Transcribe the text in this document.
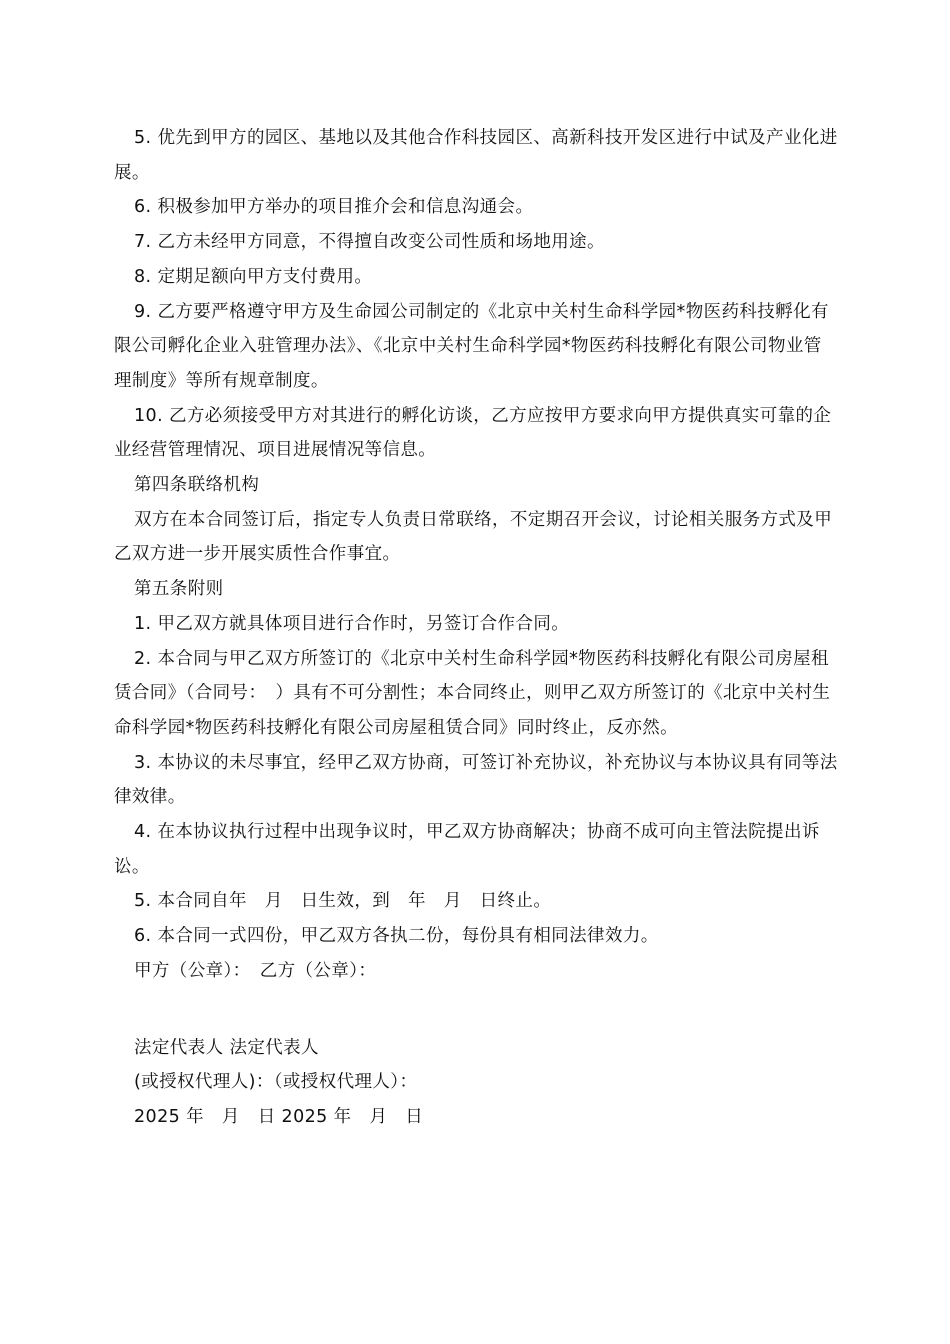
5. 优先到甲方的园区、基地以及其他合作科技园区、高新科技开发区进行中试及产业化进展。

6. 积极参加甲方举办的项目推介会和信息沟通会。

7. 乙方未经甲方同意，不得擅自改变公司性质和场地用途。

8. 定期足额向甲方支付费用。

9. 乙方要严格遵守甲方及生命园公司制定的《北京中关村生命科学园*物医药科技孵化有限公司孵化企业入驻管理办法》、《北京中关村生命科学园*物医药科技孵化有限公司物业管理制度》等所有规章制度。

10. 乙方必须接受甲方对其进行的孵化访谈，乙方应按甲方要求向甲方提供真实可靠的企业经营管理情况、项目进展情况等信息。

第四条联络机构

双方在本合同签订后，指定专人负责日常联络，不定期召开会议，讨论相关服务方式及甲乙双方进一步开展实质性合作事宜。

第五条附则

1. 甲乙双方就具体项目进行合作时，另签订合作合同。

2. 本合同与甲乙双方所签订的《北京中关村生命科学园*物医药科技孵化有限公司房屋租赁合同》（合同号：　）具有不可分割性；本合同终止，则甲乙双方所签订的《北京中关村生命科学园*物医药科技孵化有限公司房屋租赁合同》同时终止，反亦然。

3. 本协议的未尽事宜，经甲乙双方协商，可签订补充协议，补充协议与本协议具有同等法律效律。

4. 在本协议执行过程中出现争议时，甲乙双方协商解决；协商不成可向主管法院提出诉讼。

5. 本合同自年　月　日生效，到　年　月　日终止。

6. 本合同一式四份，甲乙双方各执二份，每份具有相同法律效力。

甲方（公章）：　乙方（公章）：

法定代表人 法定代表人

(或授权代理人)：（或授权代理人）：

2025 年　月　日 2025 年　月　日
